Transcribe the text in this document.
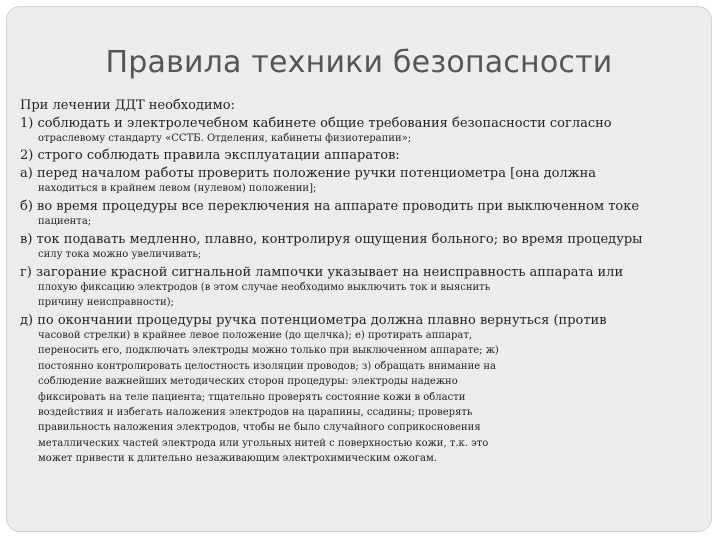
Правила техники безопасности
При лечении ДДТ необходимо:
1) соблюдать и электролечебном кабинете общие требования безопасности согласно
отраслевому стандарту «ССТБ. Отделения, кабинеты физиотерапии»;
2) строго соблюдать правила эксплуатации аппаратов:
а) перед началом работы проверить положение ручки потенциометра [она должна
находиться в крайнем левом (нулевом) положении];
б) во время процедуры все переключения на аппарате проводить при выключенном токе
пациента;
в) ток подавать медленно, плавно, контролируя ощущения больного; во время процедуры
силу тока можно увеличивать;
г) загорание красной сигнальной лампочки указывает на неисправность аппарата или
плохую фиксацию электродов (в этом случае необходимо выключить ток и выяснить
причину неисправности);
д) по окончании процедуры ручка потенциометра должна плавно вернуться (против
часовой стрелки) в крайнее левое положение (до щелчка); е) протирать аппарат,
переносить его, подключать электроды можно только при выключенном аппарате; ж)
постоянно контролировать целостность изоляции проводов; з) обращать внимание на
соблюдение важнейших методических сторон процедуры: электроды надежно
фиксировать на теле пациента; тщательно проверять состояние кожи в области
воздействия и избегать наложения электродов на царапины, ссадины; проверять
правильность наложения электродов, чтобы не было случайного соприкосновения
металлических частей электрода или угольных нитей с поверхностью кожи, т.к. это
может привести к длительно незаживающим электрохимическим ожогам.
